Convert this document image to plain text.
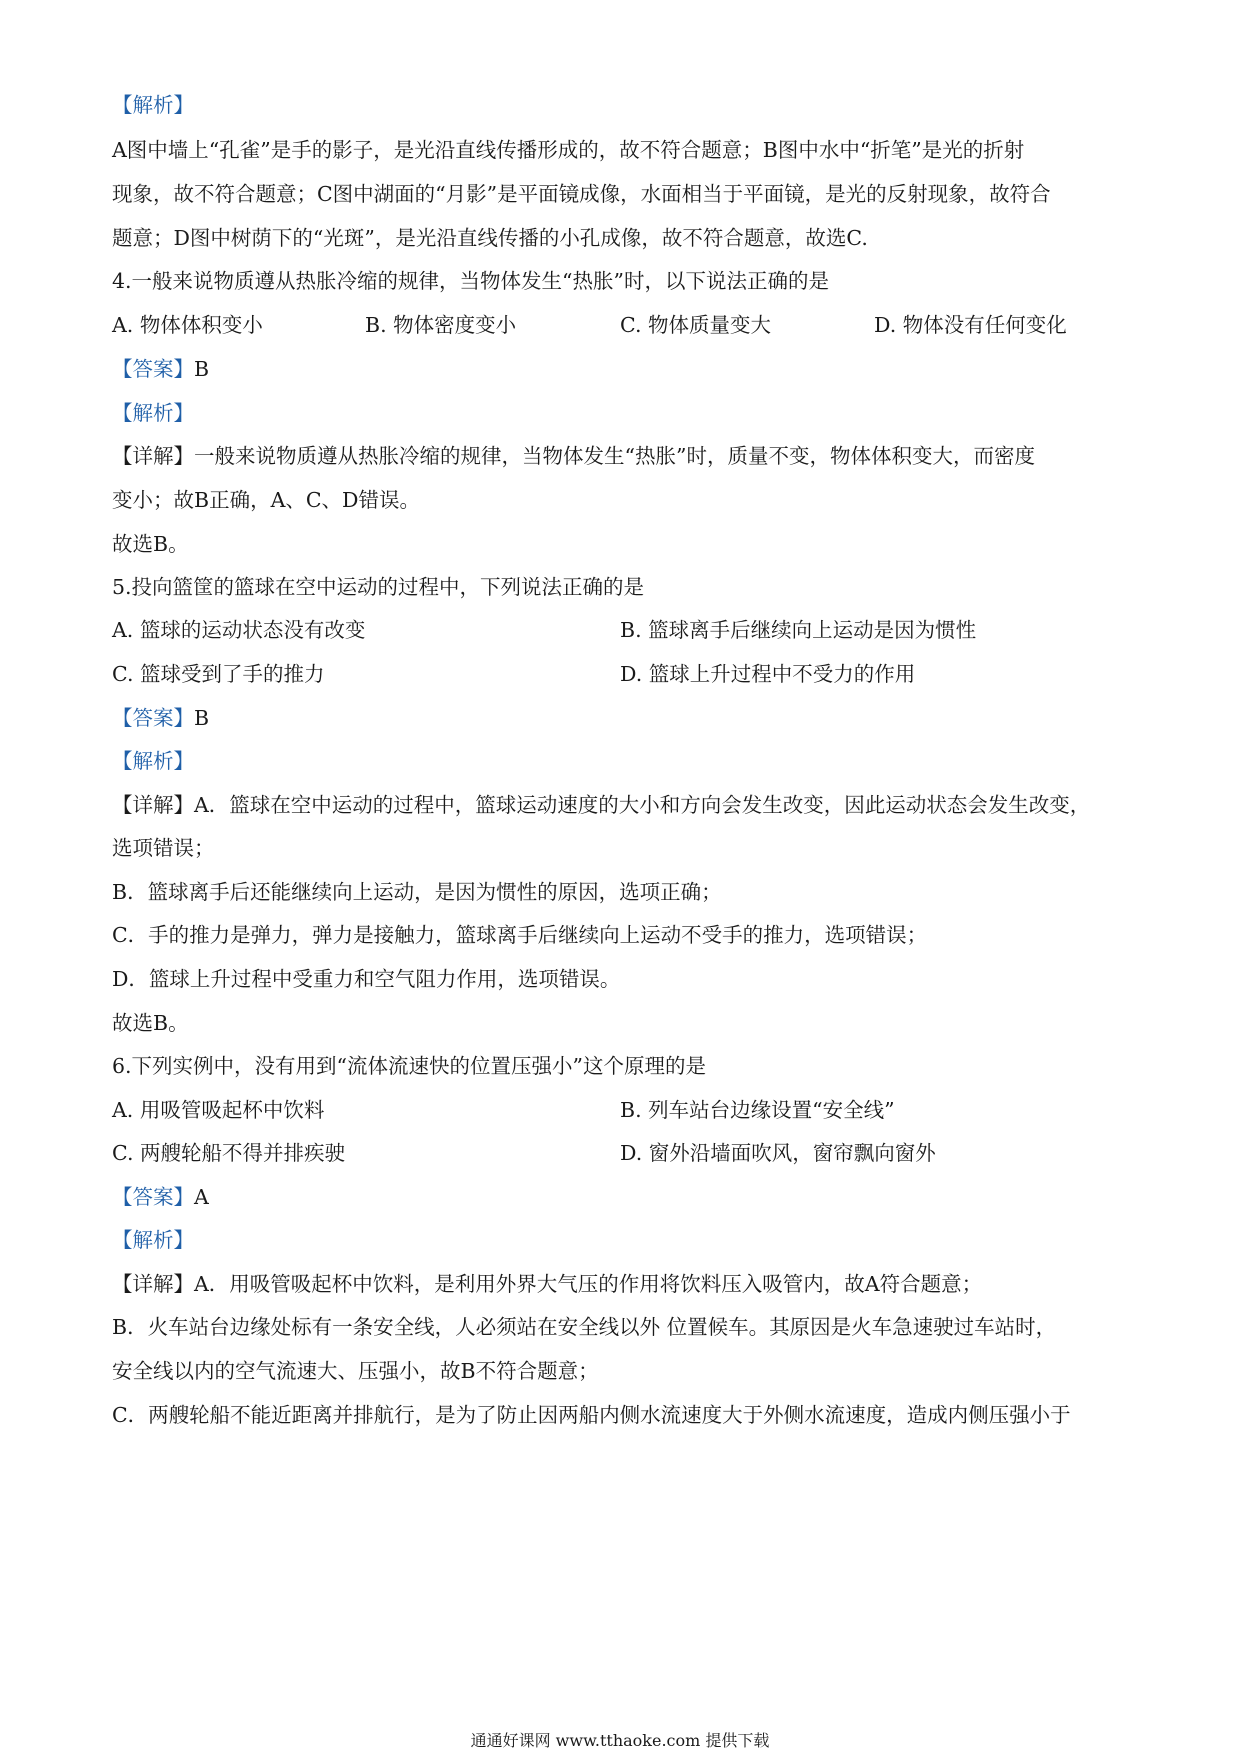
【解析】
A图中墙上“孔雀”是手的影子，是光沿直线传播形成的，故不符合题意；B图中水中“折笔”是光的折射
现象，故不符合题意；C图中湖面的“月影”是平面镜成像，水面相当于平面镜，是光的反射现象，故符合
题意；D图中树荫下的“光斑”，是光沿直线传播的小孔成像，故不符合题意，故选C.
4.一般来说物质遵从热胀冷缩的规律，当物体发生“热胀”时，以下说法正确的是
A. 物体体积变小	B. 物体密度变小	C. 物体质量变大	D. 物体没有任何变化
【答案】B
【解析】
【详解】一般来说物质遵从热胀冷缩的规律，当物体发生“热胀”时，质量不变，物体体积变大，而密度
变小；故B正确，A、C、D错误。
故选B。
5.投向篮筐的篮球在空中运动的过程中，下列说法正确的是
A. 篮球的运动状态没有改变	B. 篮球离手后继续向上运动是因为惯性
C. 篮球受到了手的推力	D. 篮球上升过程中不受力的作用
【答案】B
【解析】
【详解】A．篮球在空中运动的过程中，篮球运动速度的大小和方向会发生改变，因此运动状态会发生改变，
选项错误；
B．篮球离手后还能继续向上运动，是因为惯性的原因，选项正确；
C．手的推力是弹力，弹力是接触力，篮球离手后继续向上运动不受手的推力，选项错误；
D．篮球上升过程中受重力和空气阻力作用，选项错误。
故选B。
6.下列实例中，没有用到“流体流速快的位置压强小”这个原理的是
A. 用吸管吸起杯中饮料	B. 列车站台边缘设置“安全线”
C. 两艘轮船不得并排疾驶	D. 窗外沿墙面吹风，窗帘飘向窗外
【答案】A
【解析】
【详解】A．用吸管吸起杯中饮料，是利用外界大气压的作用将饮料压入吸管内，故A符合题意；
B．火车站台边缘处标有一条安全线，人必须站在安全线以外 位置候车。其原因是火车急速驶过车站时，
安全线以内的空气流速大、压强小，故B不符合题意；
C．两艘轮船不能近距离并排航行，是为了防止因两船内侧水流速度大于外侧水流速度，造成内侧压强小于
通通好课网 www.tthaoke.com 提供下载
